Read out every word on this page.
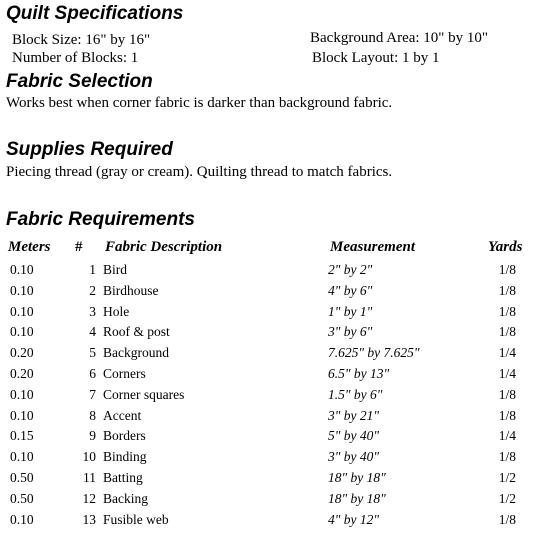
Quilt Specifications
Block Size: 16" by 16"
Number of Blocks: 1
Background Area: 10" by 10"
Block Layout: 1 by 1
Fabric Selection
Works best when corner fabric is darker than background fabric.
Supplies Required
Piecing thread (gray or cream). Quilting thread to match fabrics.
Fabric Requirements
Meters # Fabric Description	Measurement	Yards
0.10	1 Bird	2" by 2"	1/8
0.10	2 Birdhouse	4" by 6"	1/8
0.10	3 Hole	1" by 1"	1/8
0.10	4 Roof & post	3" by 6"	1/8
0.20	5 Background	7.625" by 7.625"	1/4
0.20	6 Corners	6.5" by 13"	1/4
0.10	7 Corner squares	1.5" by 6"	1/8
0.10	8 Accent	3" by 21"	1/8
0.15	9 Borders	5" by 40"	1/4
0.10	10 Binding	3" by 40"	1/8
0.50	11 Batting	18" by 18"	1/2
0.50	12 Backing	18" by 18"	1/2
0.10	13 Fusible web	4" by 12"	1/8
